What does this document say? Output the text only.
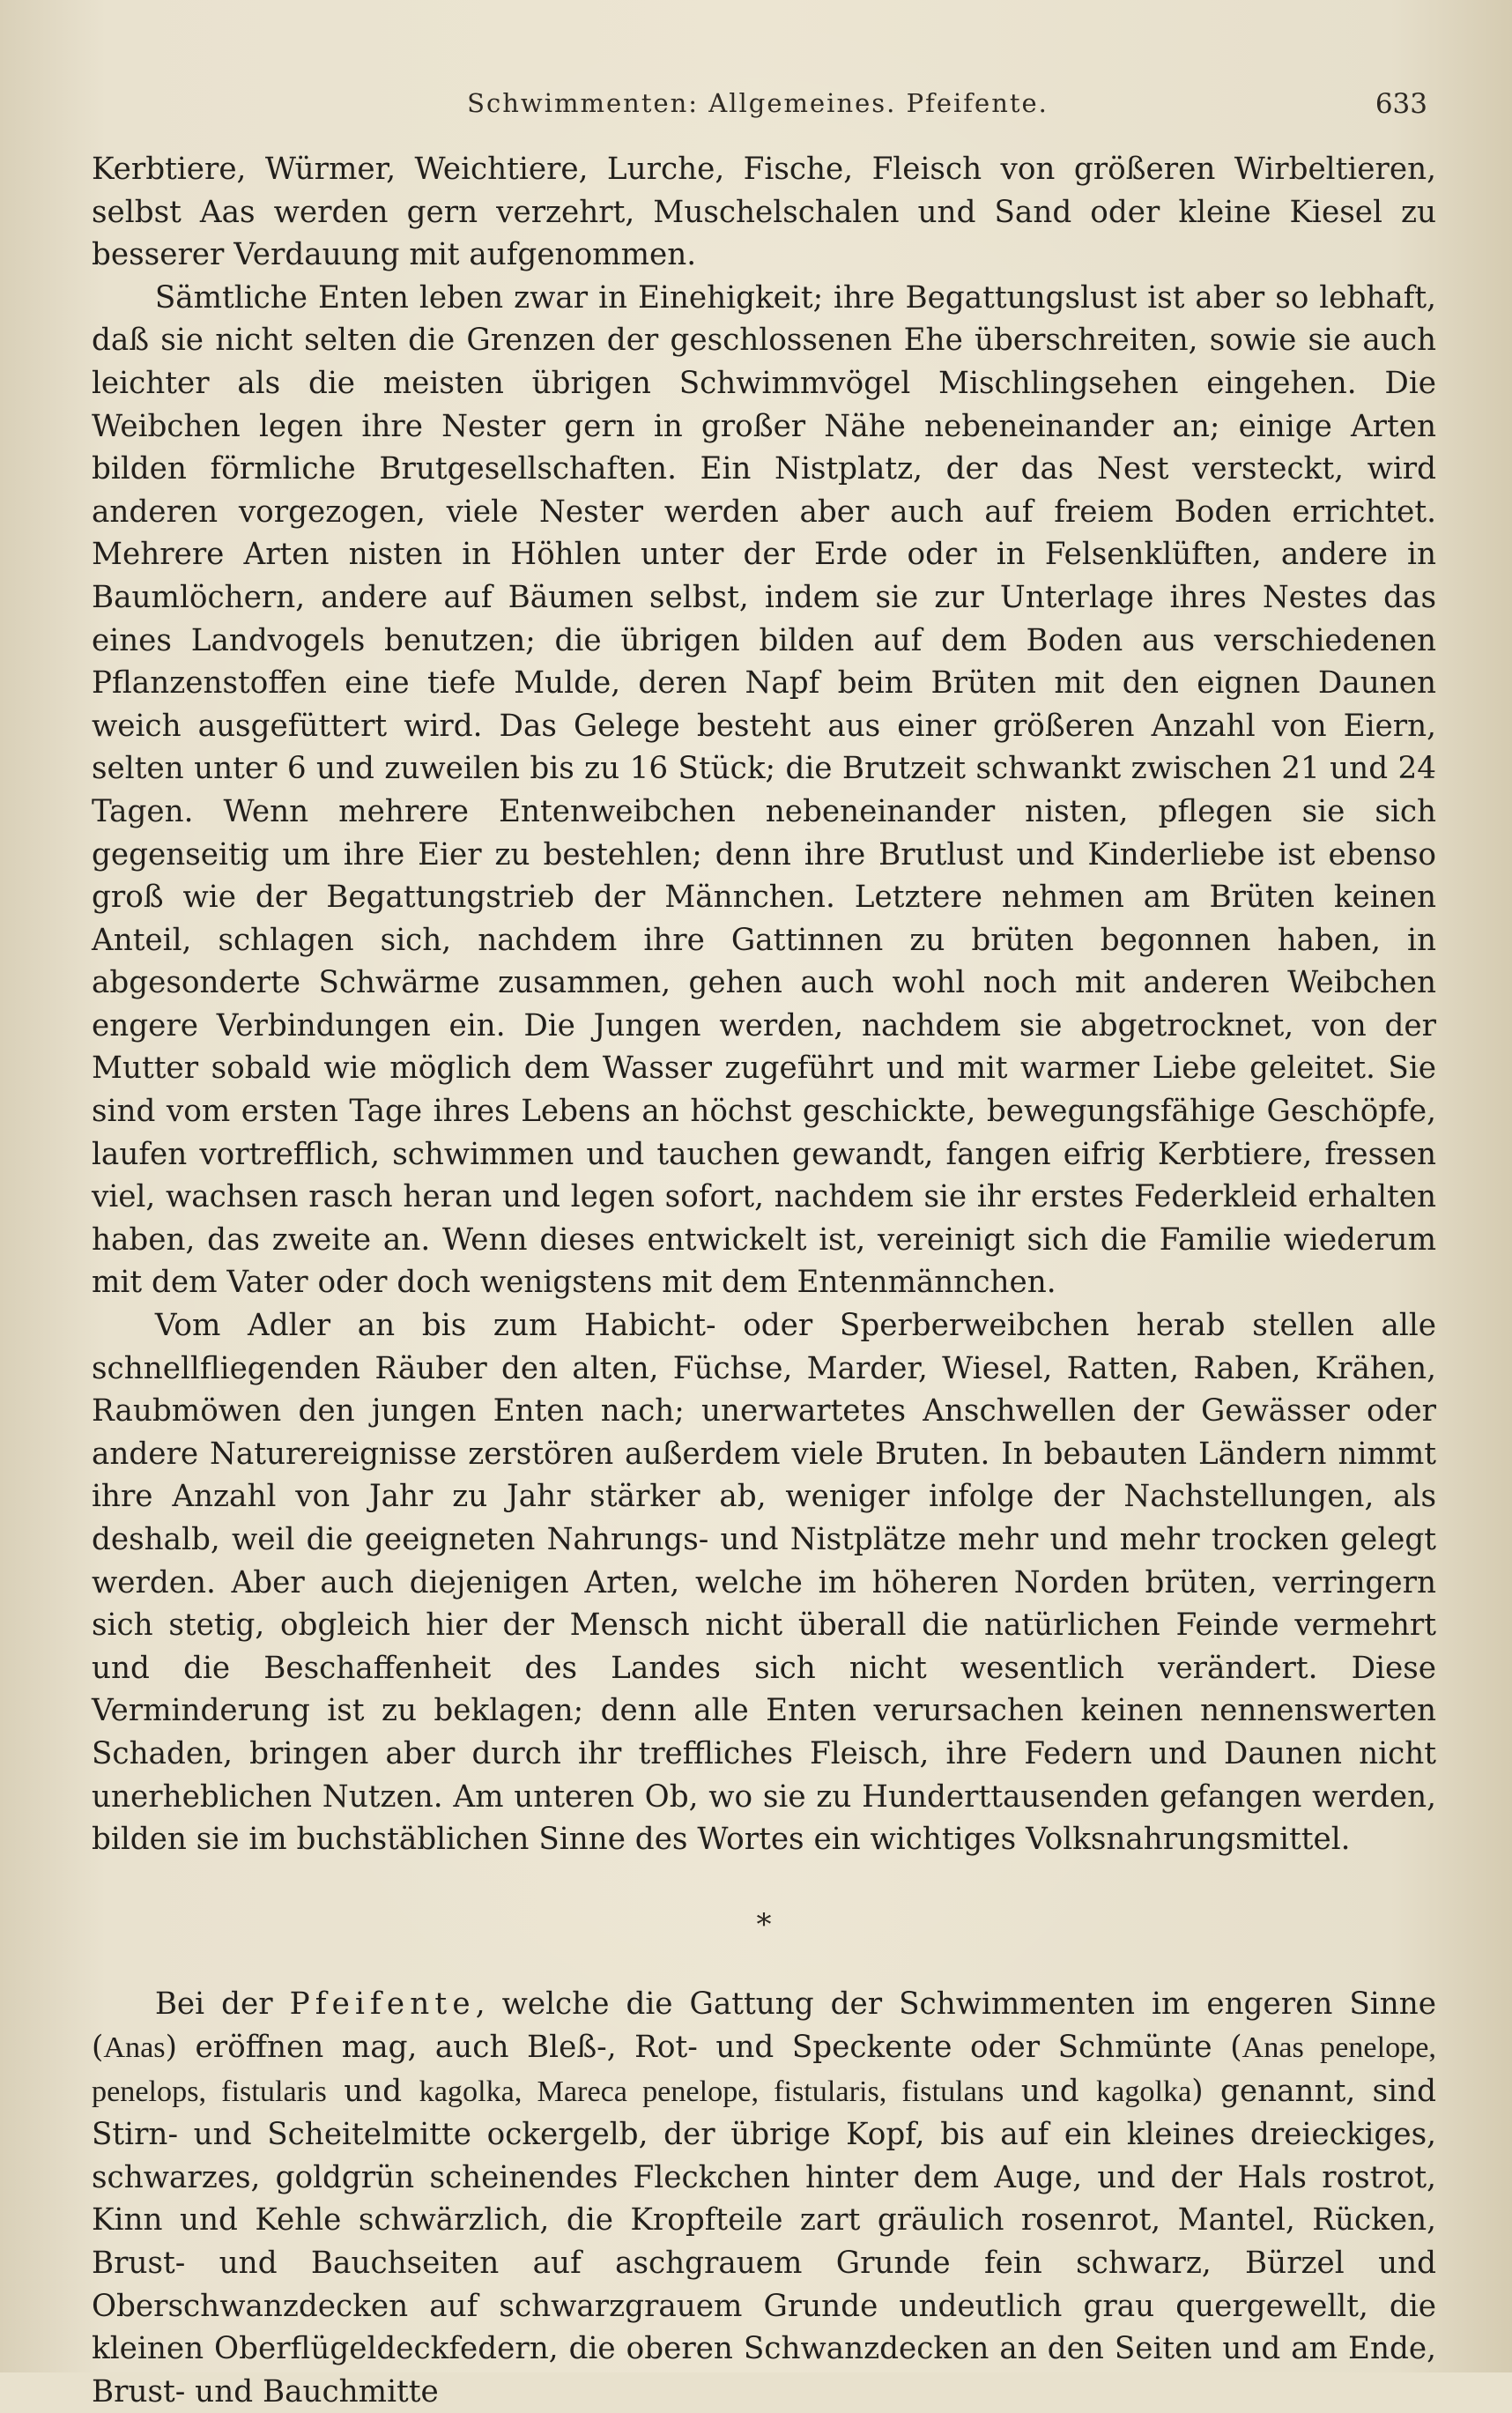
Schwimmenten: Allgemeines. Pfeifente.	633

Kerbtiere, Würmer, Weichtiere, Lurche, Fische, Fleisch von größeren Wirbeltieren, selbst Aas werden gern verzehrt, Muschelschalen und Sand oder kleine Kiesel zu besserer Verdauung mit aufgenommen.

Sämtliche Enten leben zwar in Einehigkeit; ihre Begattungslust ist aber so lebhaft, daß sie nicht selten die Grenzen der geschlossenen Ehe überschreiten, sowie sie auch leichter als die meisten übrigen Schwimmvögel Mischlingsehen eingehen. Die Weibchen legen ihre Nester gern in großer Nähe nebeneinander an; einige Arten bilden förmliche Brutgesellschaften. Ein Nistplatz, der das Nest versteckt, wird anderen vorgezogen, viele Nester werden aber auch auf freiem Boden errichtet. Mehrere Arten nisten in Höhlen unter der Erde oder in Felsenklüften, andere in Baumlöchern, andere auf Bäumen selbst, indem sie zur Unterlage ihres Nestes das eines Landvogels benutzen; die übrigen bilden auf dem Boden aus verschiedenen Pflanzenstoffen eine tiefe Mulde, deren Napf beim Brüten mit den eignen Daunen weich ausgefüttert wird. Das Gelege besteht aus einer größeren Anzahl von Eiern, selten unter 6 und zuweilen bis zu 16 Stück; die Brutzeit schwankt zwischen 21 und 24 Tagen. Wenn mehrere Entenweibchen nebeneinander nisten, pflegen sie sich gegenseitig um ihre Eier zu bestehlen; denn ihre Brutlust und Kinderliebe ist ebenso groß wie der Begattungstrieb der Männchen. Letztere nehmen am Brüten keinen Anteil, schlagen sich, nachdem ihre Gattinnen zu brüten begonnen haben, in abgesonderte Schwärme zusammen, gehen auch wohl noch mit anderen Weibchen engere Verbindungen ein. Die Jungen werden, nachdem sie abgetrocknet, von der Mutter sobald wie möglich dem Wasser zugeführt und mit warmer Liebe geleitet. Sie sind vom ersten Tage ihres Lebens an höchst geschickte, bewegungsfähige Geschöpfe, laufen vortrefflich, schwimmen und tauchen gewandt, fangen eifrig Kerbtiere, fressen viel, wachsen rasch heran und legen sofort, nachdem sie ihr erstes Federkleid erhalten haben, das zweite an. Wenn dieses entwickelt ist, vereinigt sich die Familie wiederum mit dem Vater oder doch wenigstens mit dem Entenmännchen.

Vom Adler an bis zum Habicht- oder Sperberweibchen herab stellen alle schnellfliegenden Räuber den alten, Füchse, Marder, Wiesel, Ratten, Raben, Krähen, Raubmöwen den jungen Enten nach; unerwartetes Anschwellen der Gewässer oder andere Naturereignisse zerstören außerdem viele Bruten. In bebauten Ländern nimmt ihre Anzahl von Jahr zu Jahr stärker ab, weniger infolge der Nachstellungen, als deshalb, weil die geeigneten Nahrungs- und Nistplätze mehr und mehr trocken gelegt werden. Aber auch diejenigen Arten, welche im höheren Norden brüten, verringern sich stetig, obgleich hier der Mensch nicht überall die natürlichen Feinde vermehrt und die Beschaffenheit des Landes sich nicht wesentlich verändert. Diese Verminderung ist zu beklagen; denn alle Enten verursachen keinen nennenswerten Schaden, bringen aber durch ihr treffliches Fleisch, ihre Federn und Daunen nicht unerheblichen Nutzen. Am unteren Ob, wo sie zu Hunderttausenden gefangen werden, bilden sie im buchstäblichen Sinne des Wortes ein wichtiges Volksnahrungsmittel.

*

Bei der Pfeifente, welche die Gattung der Schwimmenten im engeren Sinne (Anas) eröffnen mag, auch Bleß-, Rot- und Speckente oder Schmünte (Anas penelope, penelops, fistularis und kagolka, Mareca penelope, fistularis, fistulans und kagolka) genannt, sind Stirn- und Scheitelmitte ockergelb, der übrige Kopf, bis auf ein kleines dreieckiges, schwarzes, goldgrün scheinendes Fleckchen hinter dem Auge, und der Hals rostrot, Kinn und Kehle schwärzlich, die Kropfteile zart gräulich rosenrot, Mantel, Rücken, Brust- und Bauchseiten auf aschgrauem Grunde fein schwarz, Bürzel und Oberschwanzdecken auf schwarzgrauem Grunde undeutlich grau quergewellt, die kleinen Oberflügeldeckfedern, die oberen Schwanzdecken an den Seiten und am Ende, Brust- und Bauchmitte
